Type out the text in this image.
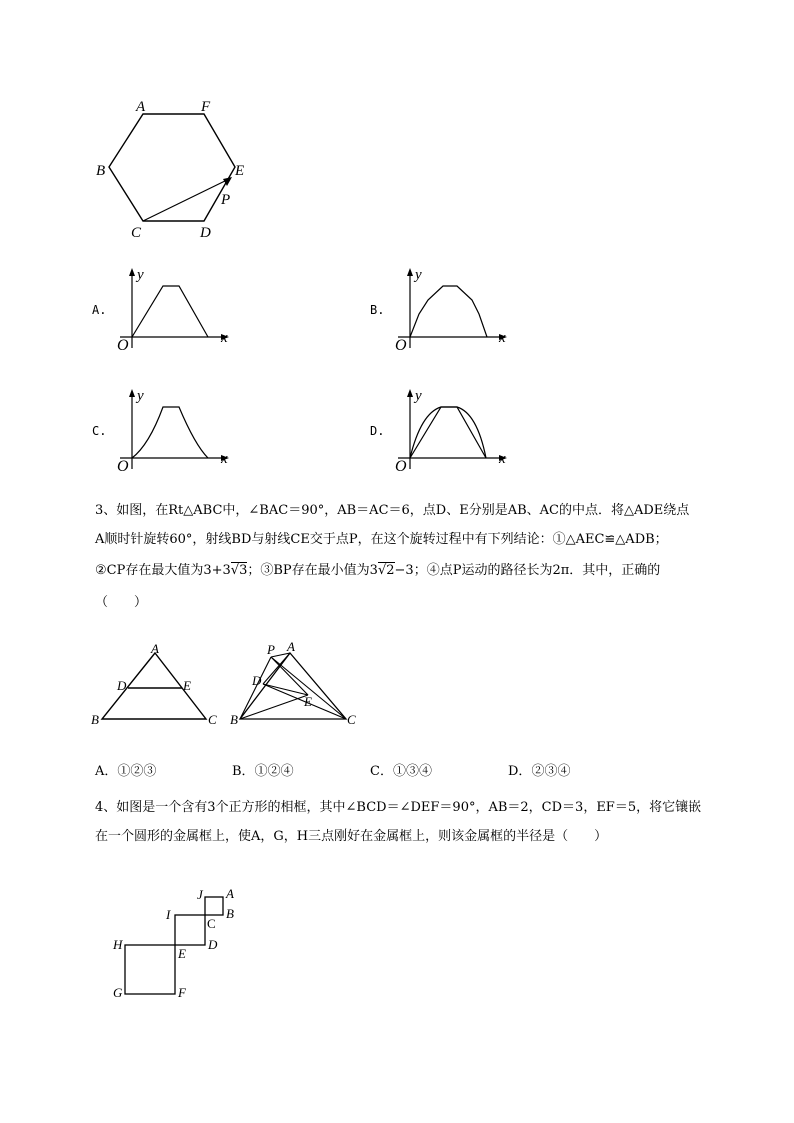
A	F
B	E
P
C	D
A.
y
x
O
B.
y
x
O
C.
y
x
O
D.
y
x
O
3、如图，在Rt△ABC中，∠BAC＝90°，AB＝AC＝6，点D、E分别是AB、AC的中点．将△ADE绕点
A顺时针旋转60°，射线BD与射线CE交于点P，在这个旋转过程中有下列结论：①△AEC≌△ADB；
②CP存在最大值为3+3√3；③BP存在最小值为3√2−3；④点P运动的路径长为2π．其中，正确的
（　　）
A
D	E
B	C
P A
D
E
B	C
A．①②③	B．①②④	C．①③④	D．②③④
4、如图是一个含有3个正方形的相框，其中∠BCD＝∠DEF＝90°，AB＝2，CD＝3，EF＝5，将它镶嵌
在一个圆形的金属框上，使A，G，H三点刚好在金属框上，则该金属框的半径是（　　）
J A
I	B
C
H	D
E
G	F
